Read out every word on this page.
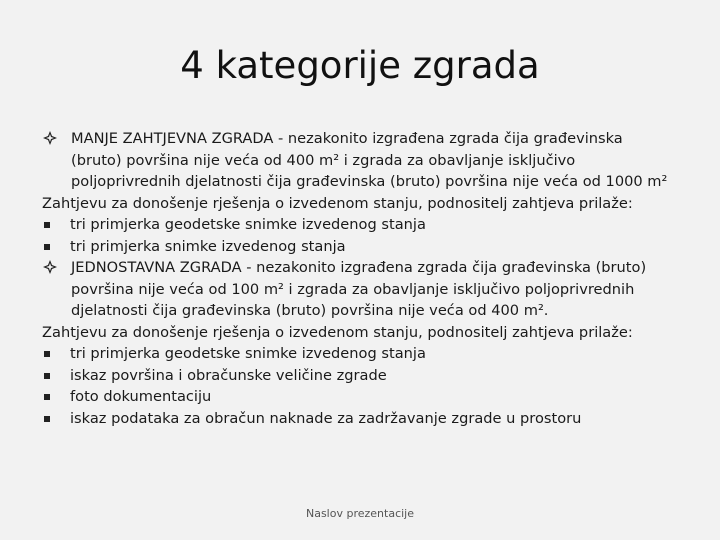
4 kategorije zgrada
MANJE ZAHTJEVNA ZGRADA - nezakonito izgrađena zgrada čija građevinska
(bruto) površina nije veća od 400 m² i zgrada za obavljanje isključivo
poljoprivrednih djelatnosti čija građevinska (bruto) površina nije veća od 1000 m²
Zahtjevu za donošenje rješenja o izvedenom stanju, podnositelj zahtjeva prilaže:
tri primjerka geodetske snimke izvedenog stanja
tri primjerka snimke izvedenog stanja
JEDNOSTAVNA ZGRADA - nezakonito izgrađena zgrada čija građevinska (bruto)
površina nije veća od 100 m² i zgrada za obavljanje isključivo poljoprivrednih
djelatnosti čija građevinska (bruto) površina nije veća od 400 m².
Zahtjevu za donošenje rješenja o izvedenom stanju, podnositelj zahtjeva prilaže:
tri primjerka geodetske snimke izvedenog stanja
iskaz površina i obračunske veličine zgrade
foto dokumentaciju
iskaz podataka za obračun naknade za zadržavanje zgrade u prostoru
Naslov prezentacije
